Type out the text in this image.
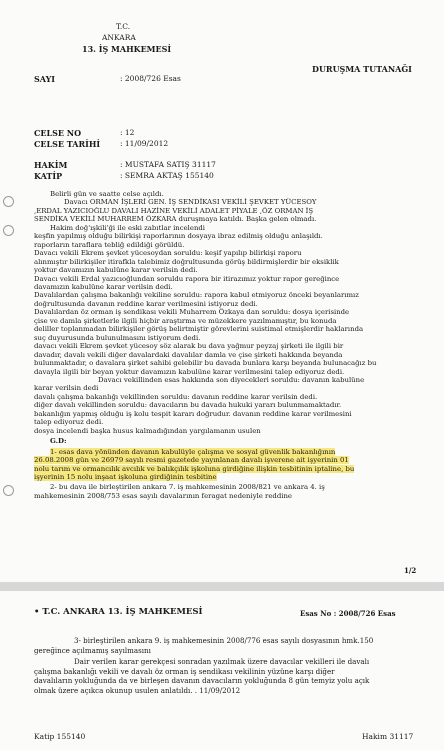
T.C.
ANKARA
13. İŞ MAHKEMESİ
DURUŞMA TUTANAĞI
SAYI	: 2008/726 Esas
CELSE NO	: 12
CELSE TARİHİ	: 11/09/2012
HAKİM	: MUSTAFA SATIŞ 31117
KATİP	: SEMRA AKTAŞ 155140

Belirli gün ve saatte celse açıldı.

Davacı ORMAN İŞLERİ GEN. İŞ SENDİKASI VEKİLİ ŞEVKET YÜCESOY

,ERDAL YAZICIOĞLU DAVALI HAZİNE VEKİLİ ADALET PİYALE ,ÖZ ORMAN İŞ

SENDİKA VEKİLİ MUHARREM ÖZKARA duruşmaya katıldı. Başka gelen olmadı.

Hakim doğ'ışkili'ği ile eski zabıtlar incelendi

keşfin yapılmış olduğu bilirkişi raporlarının dosyaya ibraz edilmiş olduğu anlaşıldı.

raporların taraflara tebliğ edildiği görüldü.

Davacı vekili Ekrem şevket yücesoydan soruldu: keşif yapılıp bilirkişi raporu

alınmıştır bilirkişiler itirafkla talebimiz doğrultusunda görüş bildirmişlerdir bir eksiklik

yoktur davamızın kabulüne karar verilsin dedi.

Davacı vekili Erdal yazıcıoğlundan soruldu rapora bir itirazımız yoktur rapor gereğince

davamızın kabulüne karar verilsin dedi.

Davalılardan çalışma bakanlığı vekiline soruldu: rapora kabul etmiyoruz önceki beyanlarımız

doğrultusunda davanın reddine karar verilmesini istiyoruz dedi.

Davalılardan öz orman iş sendikası vekili Muharrem Özkaya dan soruldu: dosya içerisinde

çise ve damla şirketlerle ilgili hiçbir araştırma ve müzekkere yazılmamıştır, bu konuda

deliller toplanmadan bilirkişiler görüş belirtmiştir görevlerini suistimal etmişlerdir haklarında

suç duyurusunda bulunulmasını istiyorum dedi.

davacı vekili Ekrem şevket yücesoy söz alarak bu dava yağmur peyzaj şirketi ile ilgili bir

davadır, davalı vekili diğer davalardaki davalılar damla ve çise şirketi hakkında beyanda

bulunmaktadır, o davalara şirket sahibi gelebilir bu davada bunlara karşı beyanda bulunacağız bu

davayla ilgili bir beyan yoktur davamızın kabulüne karar verilmesini talep ediyoruz dedi.

Davacı vekillinden esas hakkında son diyecekleri soruldu: davanın kabulüne

karar verilsin dedi

davalı çalışma bakanlığı vekillinden soruldu: davanın reddine karar verilsin dedi.

diğer davalı vekillinden soruldu: davacıların bu davada hukuki yararı bulunmamaktadır.

bakanlığın yapmış olduğu iş kolu tespit kararı doğrudur. davanın reddine karar verilmesini

talep ediyoruz dedi.

dosya incelendi başka husus kalmadığından yargılamanın usulen

G.D:

1- esas dava yönünden davanın kabulüyle çalışma ve sosyal güvenlik bakanlığının

26.08.2008 gün ve 26979 sayılı resmi gazetede yayınlanan davalı işverene ait işyerinin 01

nolu tarım ve ormancılık avcılık ve balıkçılık işkoluna girdiğine ilişkin tesbitinin iptaline, bu

işyerinin 15 nolu inşaat işkoluna girdiğinin tesbitine

2- bu dava ile birleştirilen ankara 7. iş mahkemesinin 2008/821 ve ankara 4. iş

mahkemesinin 2008/753 esas sayılı davalarının feragat nedeniyle reddine

1/2
• T.C. ANKARA 13. İŞ MAHKEMESİ	Esas No : 2008/726 Esas

3- birleştirilen ankara 9. iş mahkemesinin 2008/776 esas sayılı dosyasının hmk.150

gereğince açılmamış sayılmasını

Dair verilen karar gerekçesi sonradan yazılmak üzere davacılar vekilleri ile davalı

çalışma bakanlığı vekili ve davalı öz orman iş sendikası vekilinin yüzüne karşı diğer

davalıların yokluğunda da ve birleşen davanın davacıların yokluğunda 8 gün temyiz yolu açık

olmak üzere açıkca okunup usulen anlatıldı. . 11/09/2012

Katip 155140	Hakim 31117
